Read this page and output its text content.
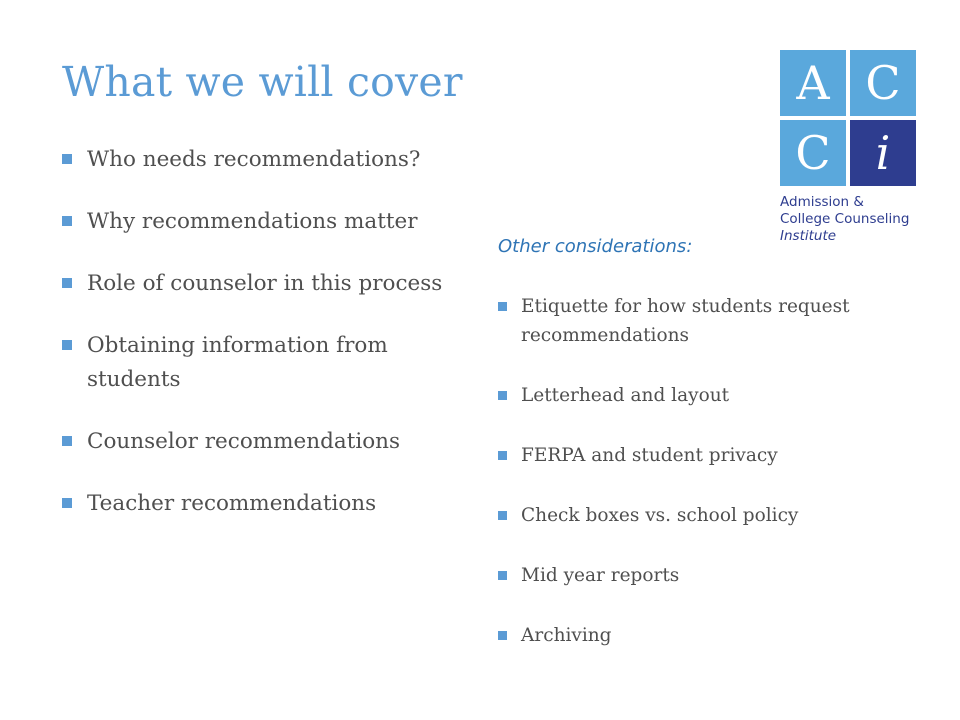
What we will cover
Who needs recommendations?
Why recommendations matter
Role of counselor in this process
Obtaining information from students
Counselor recommendations
Teacher recommendations
Other considerations:
Etiquette for how students request recommendations
Letterhead and layout
FERPA and student privacy
Check boxes vs. school policy
Mid year reports
Archiving
A C
C i
Admission &
College Counseling
Institute
